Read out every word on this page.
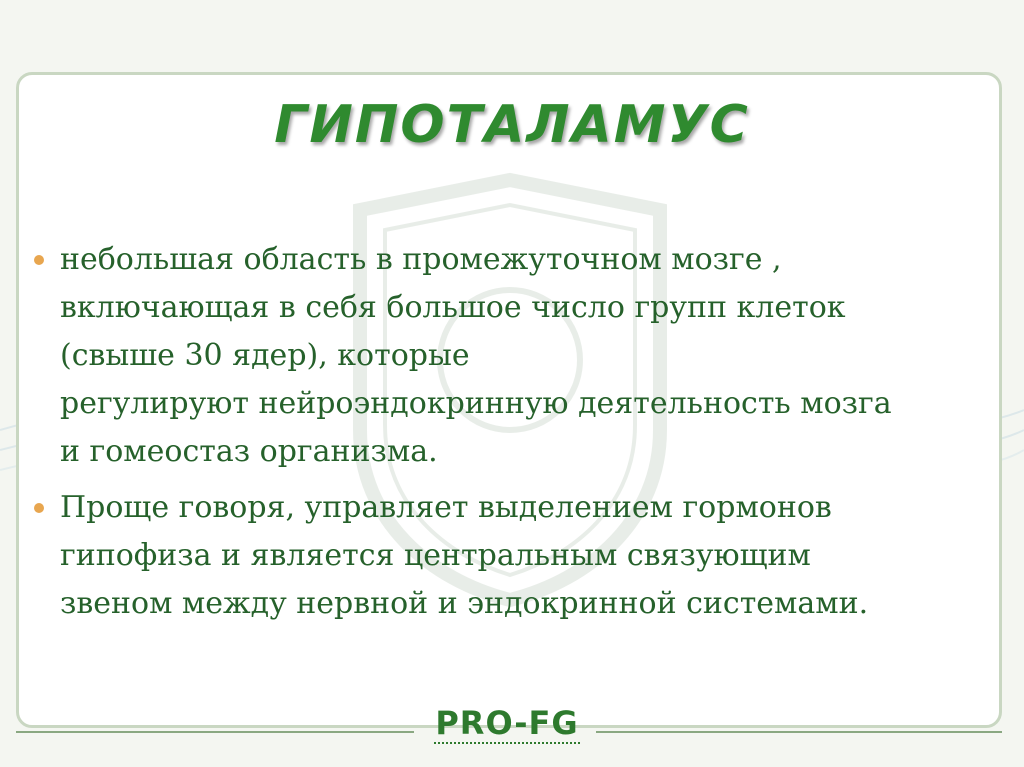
ГИПОТАЛАМУС
небольшая область в промежуточном мозге ,
включающая в себя большое число групп клеток
(свыше 30 ядер), которые
регулируют нейроэндокринную деятельность мозга
и гомеостаз организма.
Проще говоря, управляет выделением гормонов
гипофиза и является центральным связующим
звеном между нервной и эндокринной системами.
PRO-FG
